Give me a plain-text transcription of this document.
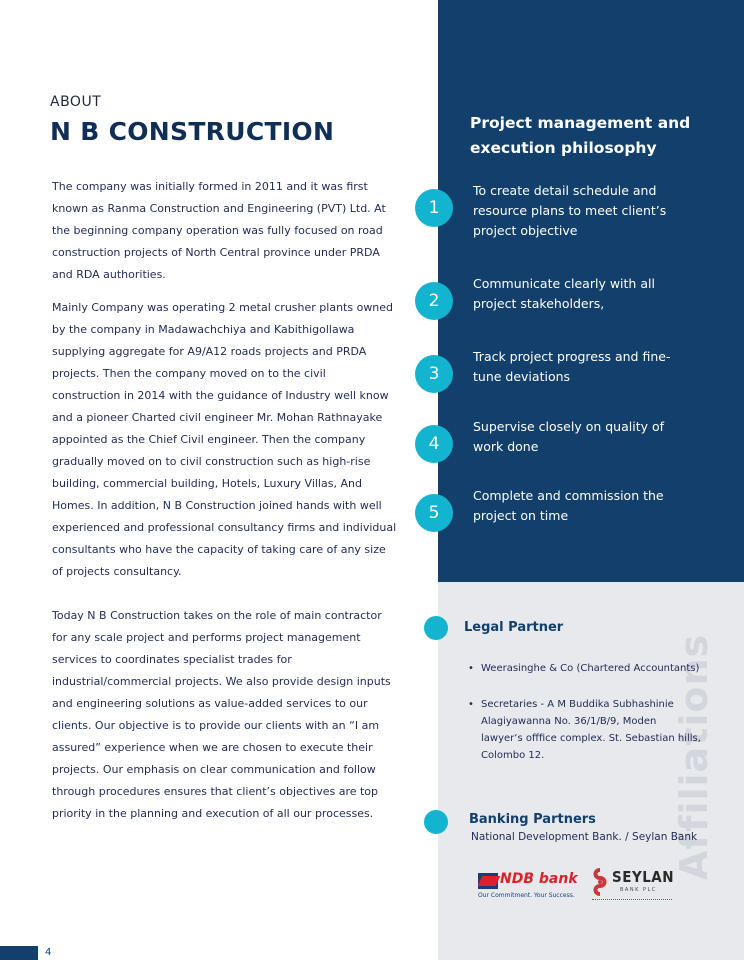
ABOUT
N B CONSTRUCTION
The company was initially formed in 2011 and it was first known as Ranma Construction and Engineering (PVT) Ltd. At the beginning company operation was fully focused on road construction projects of North Central province under PRDA and RDA authorities.
Mainly Company was operating 2 metal crusher plants owned by the company in Madawachchiya and Kabithigollawa supplying aggregate for A9/A12 roads projects and PRDA projects. Then the company moved on to the civil construction in 2014 with the guidance of Industry well know and a pioneer Charted civil engineer Mr. Mohan Rathnayake appointed as the Chief Civil engineer. Then the company gradually moved on to civil construction such as high-rise building, commercial building, Hotels, Luxury Villas, And Homes. In addition, N B Construction joined hands with well experienced and professional consultancy firms and individual consultants who have the capacity of taking care of any size of projects consultancy.
Today N B Construction takes on the role of main contractor for any scale project and performs project management services to coordinates specialist trades for industrial/commercial projects. We also provide design inputs and engineering solutions as value-added services to our clients. Our objective is to provide our clients with an “I am assured” experience when we are chosen to execute their projects. Our emphasis on clear communication and follow through procedures ensures that client’s objectives are top priority in the planning and execution of all our processes.
Project management and execution philosophy
1
To create detail schedule and resource plans to meet client’s project objective
2
Communicate clearly with all project stakeholders,
3
Track project progress and fine-tune deviations
4
Supervise closely on quality of work done
5
Complete and commission the project on time
Affiliations
Legal Partner
• Weerasinghe & Co (Chartered Accountants)
• Secretaries - A M Buddika Subhashinie Alagiyawanna No. 36/1/B/9, Moden lawyer’s offfice complex. St. Sebastian hills, Colombo 12.
Banking Partners
National Development Bank. / Seylan Bank
NDB bank
Our Commitment. Your Success.
SEYLAN
BANK PLC
4
